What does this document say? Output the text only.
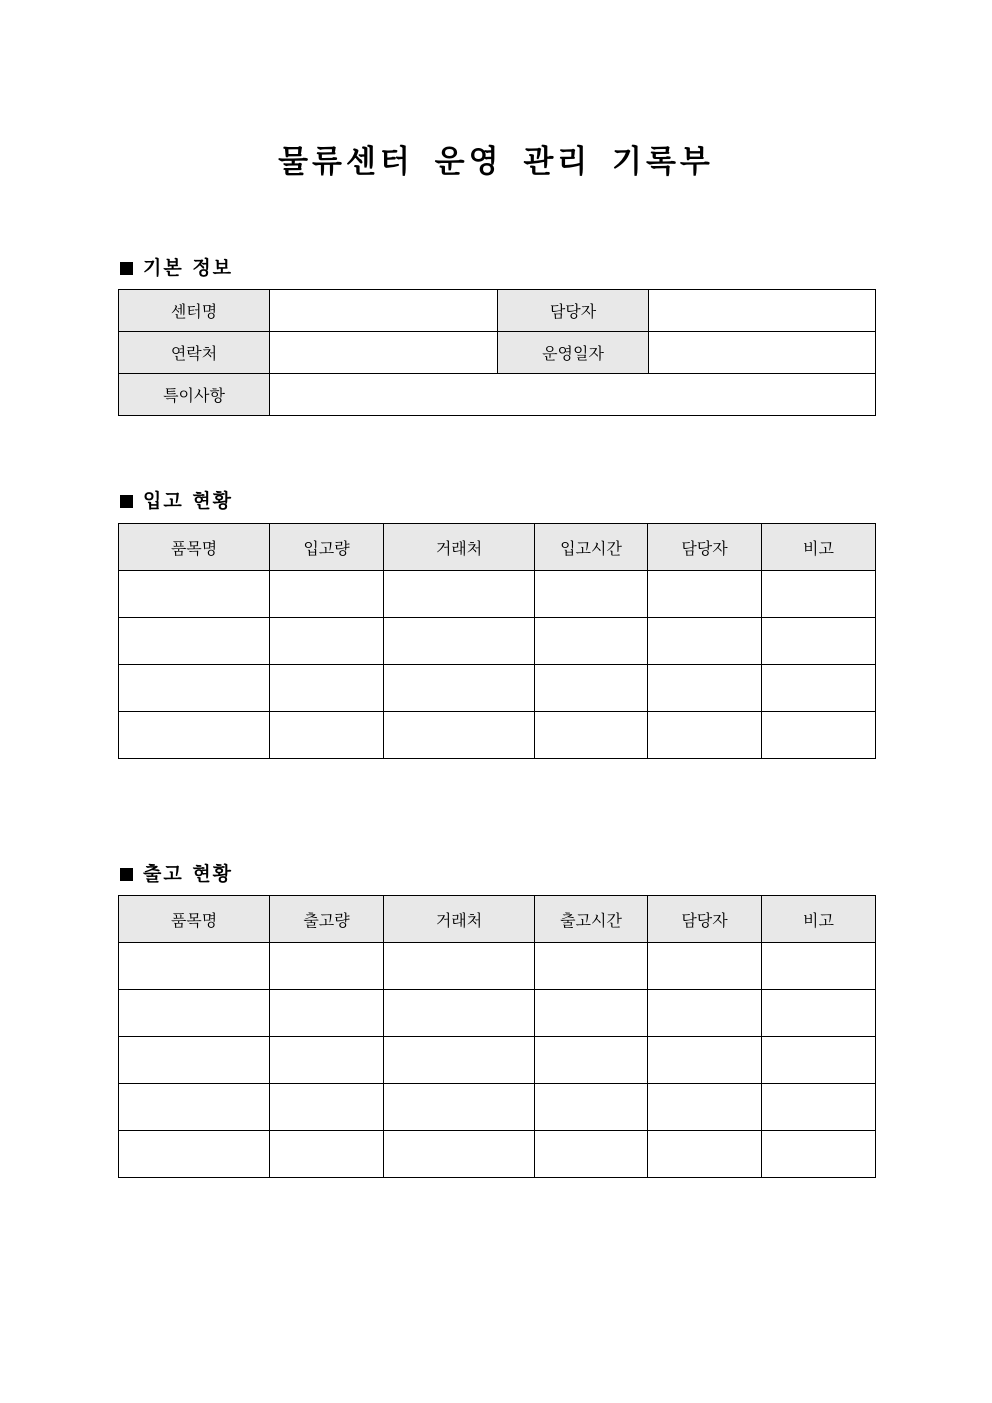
물류센터 운영 관리 기록부
기본 정보
센터명		담당자	
연락처		운영일자	
특이사항			
입고 현황
품목명	입고량	거래처	입고시간	담당자	비고

출고 현황
품목명	출고량	거래처	출고시간	담당자	비고
